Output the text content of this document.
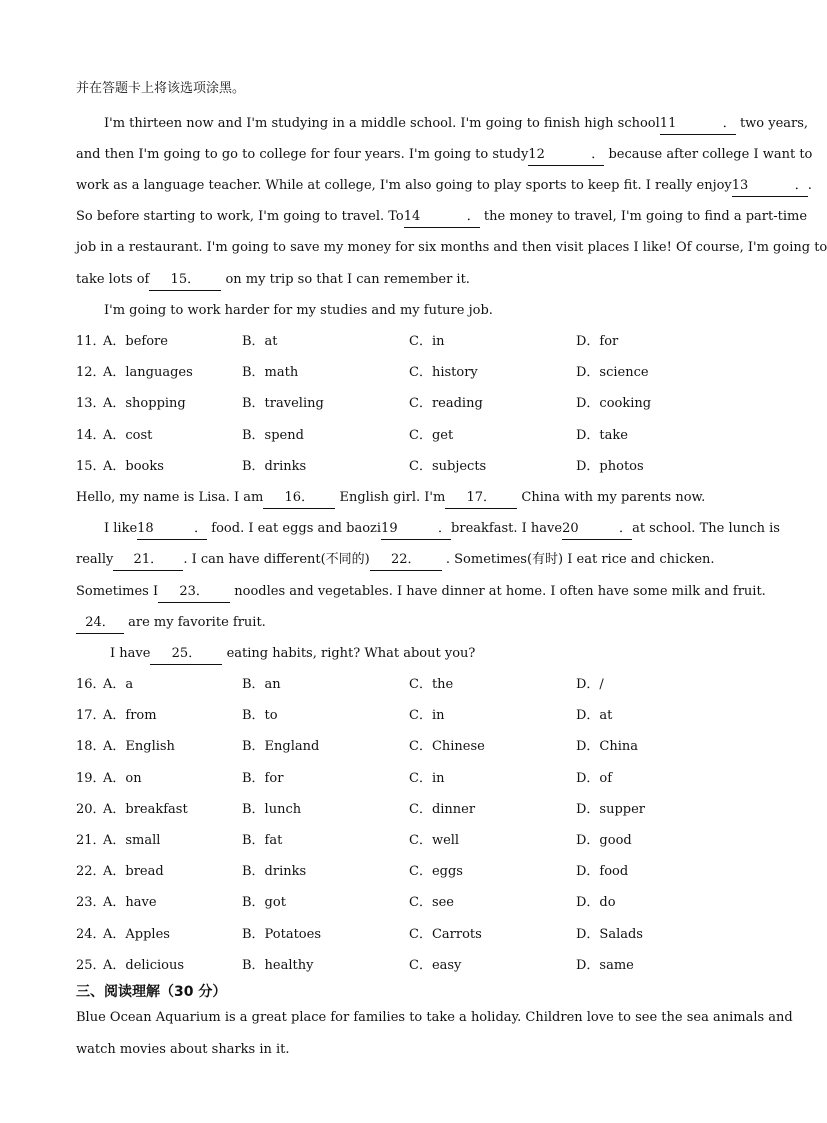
并在答题卡上将该选项涂黑。
I'm thirteen now and I'm studying in a middle school. I'm going to finish high school11． two years,
and then I'm going to go to college for four years. I'm going to study12． because after college I want to
work as a language teacher. While at college, I'm also going to play sports to keep fit. I really enjoy13．.
So before starting to work, I'm going to travel. To14． the money to travel, I'm going to find a part-time
job in a restaurant. I'm going to save my money for six months and then visit places I like! Of course, I'm going to
take lots of 15． on my trip so that I can remember it.
I'm going to work harder for my studies and my future job.
11．
A．before	B．at	C．in	D．for
12．
A．languages	B．math	C．history	D．science
13．
A．shopping	B．traveling	C．reading	D．cooking
14．
A．cost	B．spend	C．get	D．take
15．
A．books	B．drinks	C．subjects	D．photos
Hello, my name is Lisa. I am 16． English girl. I'm 17． China with my parents now.
I like18． food. I eat eggs and baozi19．breakfast. I have20．at school. The lunch is
really 21． . I can have different(不同的) 22． . Sometimes(有时) I eat rice and chicken.
Sometimes I 23． noodles and vegetables. I have dinner at home. I often have some milk and fruit.
24． are my favorite fruit.
I have 25． eating habits, right? What about you?
16．
A．a	B．an	C．the	D．/
17．
A．from	B．to	C．in	D．at
18．
A．English	B．England	C．Chinese	D．China
19．
A．on	B．for	C．in	D．of
20．
A．breakfast	B．lunch	C．dinner	D．supper
21．
A．small	B．fat	C．well	D．good
22．
A．bread	B．drinks	C．eggs	D．food
23．
A．have	B．got	C．see	D．do
24．
A．Apples	B．Potatoes	C．Carrots	D．Salads
25．
A．delicious	B．healthy	C．easy	D．same
三、阅读理解（30 分）
Blue Ocean Aquarium is a great place for families to take a holiday. Children love to see the sea animals and
watch movies about sharks in it.
